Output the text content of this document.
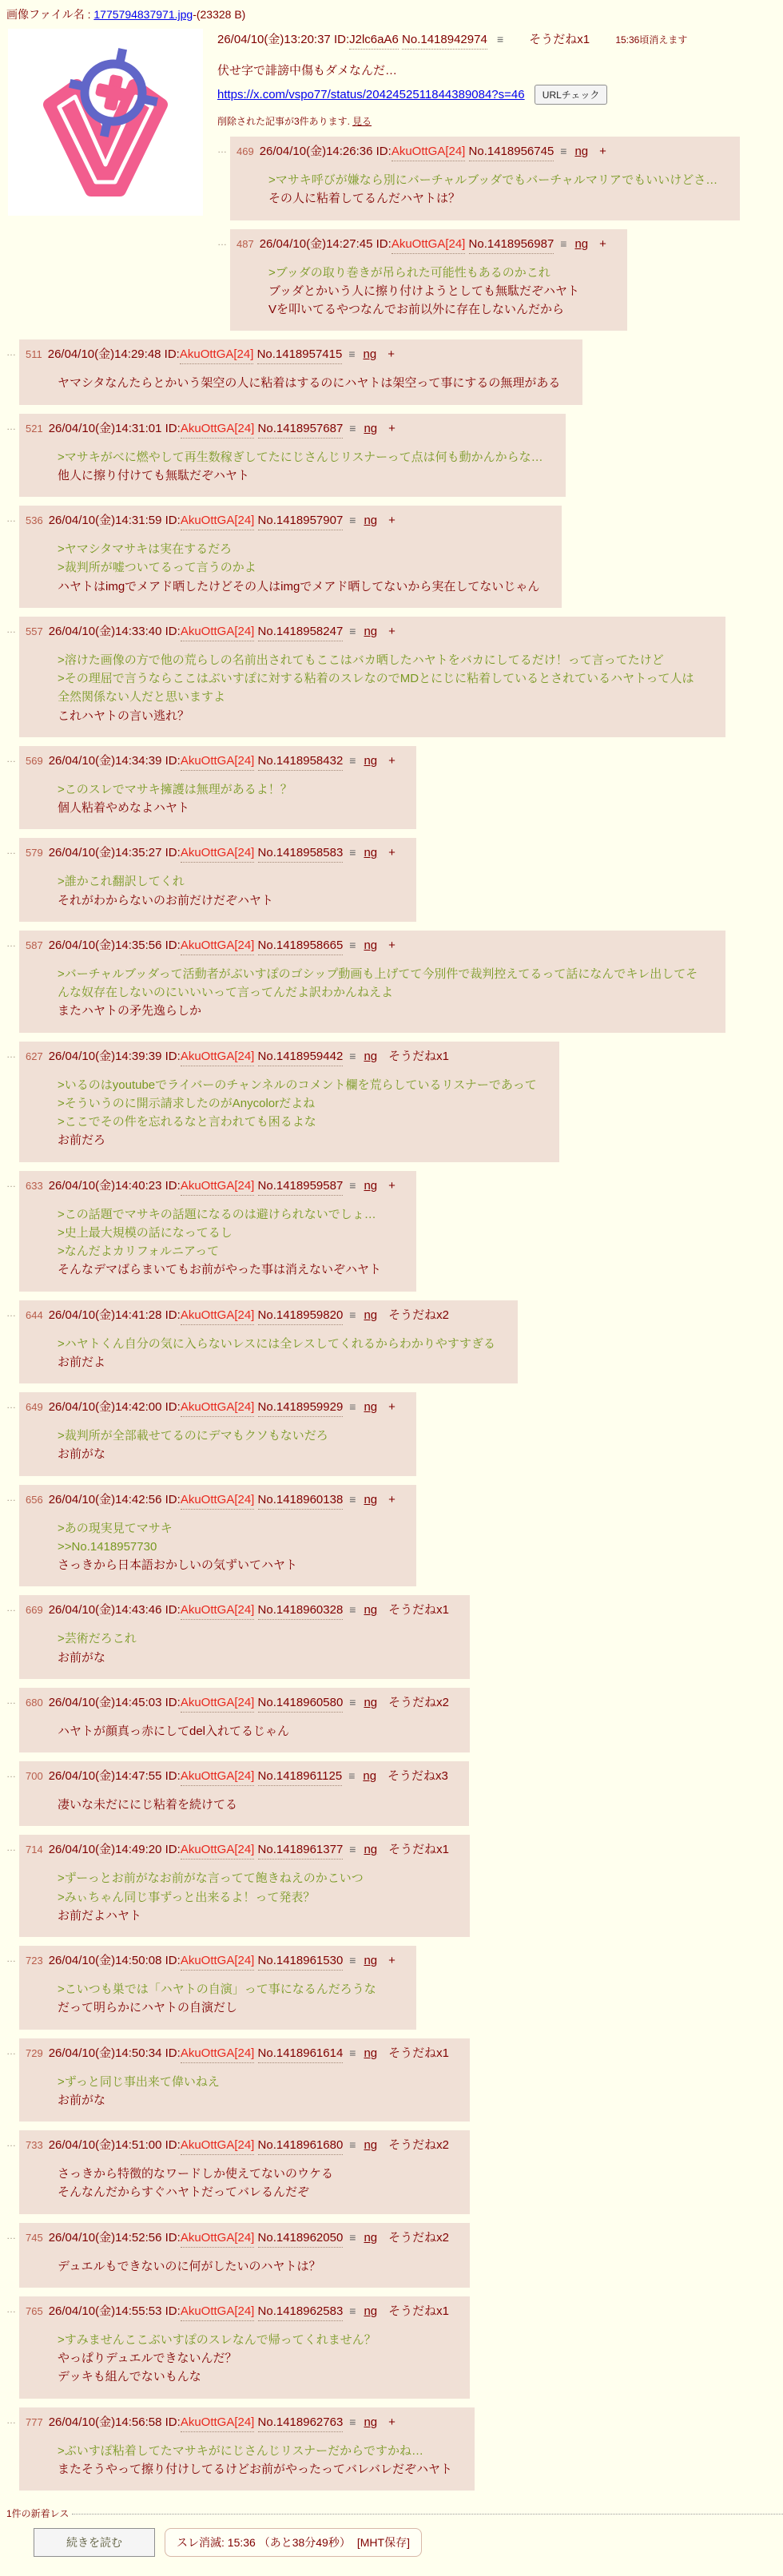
画像ファイル名 : 1775794837971.jpg-(23328 B)
26/04/10(金)13:20:37 ID:J2lc6aA6 No.1418942974 ≡ そうだねx1	15:36頃消えます
伏せ字で誹謗中傷もダメなんだ…
https://x.com/vspo77/status/2042452511844389084?s=46 URLチェック
削除された記事が3件あります. 見る
… 469 26/04/10(金)14:26:36 ID:AkuOttGA[24] No.1418956745 ≡ ng +
>マサキ呼びが嫌なら別にバーチャルブッダでもバーチャルマリアでもいいけどさ…
その人に粘着してるんだハヤトは？
… 487 26/04/10(金)14:27:45 ID:AkuOttGA[24] No.1418956987 ≡ ng +
>ブッダの取り巻きが吊られた可能性もあるのかこれ
ブッダとかいう人に擦り付けようとしても無駄だぞハヤト
Vを叩いてるやつなんでお前以外に存在しないんだから
… 511 26/04/10(金)14:29:48 ID:AkuOttGA[24] No.1418957415 ≡ ng +
ヤマシタなんたらとかいう架空の人に粘着はするのにハヤトは架空って事にするの無理がある
… 521 26/04/10(金)14:31:01 ID:AkuOttGA[24] No.1418957687 ≡ ng +
>マサキがべに燃やして再生数稼ぎしてたにじさんじリスナーって点は何も動かんからな…
他人に擦り付けても無駄だぞハヤト
… 536 26/04/10(金)14:31:59 ID:AkuOttGA[24] No.1418957907 ≡ ng +
>ヤマシタマサキは実在するだろ
>裁判所が嘘ついてるって言うのかよ
ハヤトはimgでメアド晒したけどその人はimgでメアド晒してないから実在してないじゃん
… 557 26/04/10(金)14:33:40 ID:AkuOttGA[24] No.1418958247 ≡ ng +
>溶けた画像の方で他の荒らしの名前出されてもここはバカ晒したハヤトをバカにしてるだけ！って言ってたけど
>その理屈で言うならここはぶいすぽに対する粘着のスレなのでMDとにじに粘着しているとされているハヤトって人は全然関係ない人だと思いますよ
これハヤトの言い逃れ？
… 569 26/04/10(金)14:34:39 ID:AkuOttGA[24] No.1418958432 ≡ ng +
>このスレでマサキ擁護は無理があるよ！？
個人粘着やめなよハヤト
… 579 26/04/10(金)14:35:27 ID:AkuOttGA[24] No.1418958583 ≡ ng +
>誰かこれ翻訳してくれ
それがわからないのお前だけだぞハヤト
… 587 26/04/10(金)14:35:56 ID:AkuOttGA[24] No.1418958665 ≡ ng +
>バーチャルブッダって活動者がぶいすぽのゴシップ動画も上げてて今別件で裁判控えてるって話になんでキレ出してそんな奴存在しないのにいいいって言ってんだよ訳わかんねえよ
またハヤトの矛先逸らしか
… 627 26/04/10(金)14:39:39 ID:AkuOttGA[24] No.1418959442 ≡ ng そうだねx1
>いるのはyoutubeでライバーのチャンネルのコメント欄を荒らしているリスナーであって
>そういうのに開示請求したのがAnycolorだよね
>ここでその件を忘れるなと言われても困るよな
お前だろ
… 633 26/04/10(金)14:40:23 ID:AkuOttGA[24] No.1418959587 ≡ ng +
>この話題でマサキの話題になるのは避けられないでしょ…
>史上最大規模の話になってるし
>なんだよカリフォルニアって
そんなデマばらまいてもお前がやった事は消えないぞハヤト
… 644 26/04/10(金)14:41:28 ID:AkuOttGA[24] No.1418959820 ≡ ng そうだねx2
>ハヤトくん自分の気に入らないレスには全レスしてくれるからわかりやすすぎる
お前だよ
… 649 26/04/10(金)14:42:00 ID:AkuOttGA[24] No.1418959929 ≡ ng +
>裁判所が全部載せてるのにデマもクソもないだろ
お前がな
… 656 26/04/10(金)14:42:56 ID:AkuOttGA[24] No.1418960138 ≡ ng +
>あの現実見てマサキ
>>No.1418957730
さっきから日本語おかしいの気ずいてハヤト
… 669 26/04/10(金)14:43:46 ID:AkuOttGA[24] No.1418960328 ≡ ng そうだねx1
>芸術だろこれ
お前がな
… 680 26/04/10(金)14:45:03 ID:AkuOttGA[24] No.1418960580 ≡ ng そうだねx2
ハヤトが顔真っ赤にしてdel入れてるじゃん
… 700 26/04/10(金)14:47:55 ID:AkuOttGA[24] No.1418961125 ≡ ng そうだねx3
凄いな未だににじ粘着を続けてる
… 714 26/04/10(金)14:49:20 ID:AkuOttGA[24] No.1418961377 ≡ ng そうだねx1
>ずーっとお前がなお前がな言ってて飽きねえのかこいつ
>みぃちゃん同じ事ずっと出来るよ！って発表？
お前だよハヤト
… 723 26/04/10(金)14:50:08 ID:AkuOttGA[24] No.1418961530 ≡ ng +
>こいつも巣では「ハヤトの自演」って事になるんだろうな
だって明らかにハヤトの自演だし
… 729 26/04/10(金)14:50:34 ID:AkuOttGA[24] No.1418961614 ≡ ng そうだねx1
>ずっと同じ事出来て偉いねえ
お前がな
… 733 26/04/10(金)14:51:00 ID:AkuOttGA[24] No.1418961680 ≡ ng そうだねx2
さっきから特徴的なワードしか使えてないのウケる
そんなんだからすぐハヤトだってバレるんだぞ
… 745 26/04/10(金)14:52:56 ID:AkuOttGA[24] No.1418962050 ≡ ng そうだねx2
デュエルもできないのに何がしたいのハヤトは？
… 765 26/04/10(金)14:55:53 ID:AkuOttGA[24] No.1418962583 ≡ ng そうだねx1
>すみませんここぶいすぽのスレなんで帰ってくれません？
やっぱりデュエルできないんだ？
デッキも組んでないもんな
… 777 26/04/10(金)14:56:58 ID:AkuOttGA[24] No.1418962763 ≡ ng +
>ぶいすぽ粘着してたマサキがにじさんじリスナーだからですかね…
またそうやって擦り付けしてるけどお前がやったってバレバレだぞハヤト
1件の新着レス
続きを読む	スレ消滅: 15:36 （あと38分49秒） [MHT保存]
